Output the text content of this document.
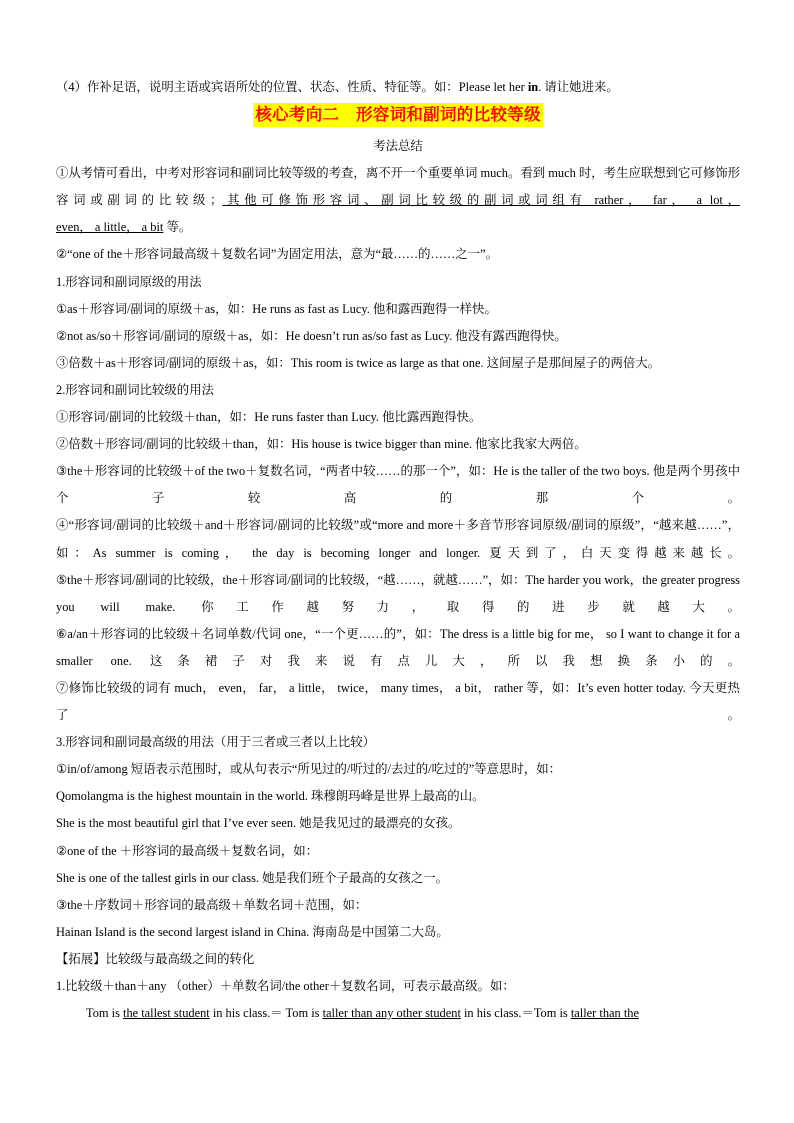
（4）作补足语，说明主语或宾语所处的位置、状态、性质、特征等。如：Please let her in. 请让她进来。
核心考向二　形容词和副词的比较等级
考法总结
①从考情可看出，中考对形容词和副词比较等级的考查，离不开一个重要单词 much。看到 much 时，考生应联想到它可修饰形容词或副词的比较级；其他可修饰形容词、副词比较级的副词或词组有 rather， far， a lot，
even， a little， a bit 等。
②“one of the＋形容词最高级＋复数名词”为固定用法，意为“最……的……之一”。
1.形容词和副词原级的用法
①as＋形容词/副词的原级＋as，如：He runs as fast as Lucy. 他和露西跑得一样快。
②not as/so＋形容词/副词的原级＋as，如：He doesn’t run as/so fast as Lucy. 他没有露西跑得快。
③倍数＋as＋形容词/副词的原级＋as，如：This room is twice as large as that one. 这间屋子是那间屋子的两倍大。
2.形容词和副词比较级的用法
①形容词/副词的比较级＋than，如：He runs faster than Lucy. 他比露西跑得快。
②倍数＋形容词/副词的比较级＋than，如：His house is twice bigger than mine. 他家比我家大两倍。
③the＋形容词的比较级＋of the two＋复数名词，“两者中较……的那一个”，如：He is the taller of the two boys. 他是两个男孩中个子较高的那个。
④“形容词/副词的比较级＋and＋形容词/副词的比较级”或“more and more＋多音节形容词原级/副词的原级”，“越来越……”，如：As summer is coming， the day is becoming longer and longer. 夏天到了，白天变得越来越长。
⑤the＋形容词/副词的比较级，the＋形容词/副词的比较级，“越……，就越……”，如：The harder you work，the greater progress you will make. 你工作越努力，取得的进步就越大。
⑥a/an＋形容词的比较级＋名词单数/代词 one，“一个更……的”，如：The dress is a little big for me， so I want to change it for a smaller one. 这条裙子对我来说有点儿大，所以我想换条小的。
⑦修饰比较级的词有 much， even， far， a little， twice， many times， a bit， rather 等，如：It’s even hotter today. 今天更热了。
3.形容词和副词最高级的用法（用于三者或三者以上比较）
①in/of/among 短语表示范围时，或从句表示“所见过的/听过的/去过的/吃过的”等意思时，如：
Qomolangma is the highest mountain in the world. 珠穆朗玛峰是世界上最高的山。
She is the most beautiful girl that I’ve ever seen. 她是我见过的最漂亮的女孩。
②one of the ＋形容词的最高级＋复数名词，如：
She is one of the tallest girls in our class. 她是我们班个子最高的女孩之一。
③the＋序数词＋形容词的最高级＋单数名词＋范围，如：
Hainan Island is the second largest island in China. 海南岛是中国第二大岛。
【拓展】比较级与最高级之间的转化
1.比较级＋than＋any （other）＋单数名词/the other＋复数名词，可表示最高级。如：
Tom is the tallest student in his class.＝ Tom is taller than any other student in his class.＝Tom is taller than the
